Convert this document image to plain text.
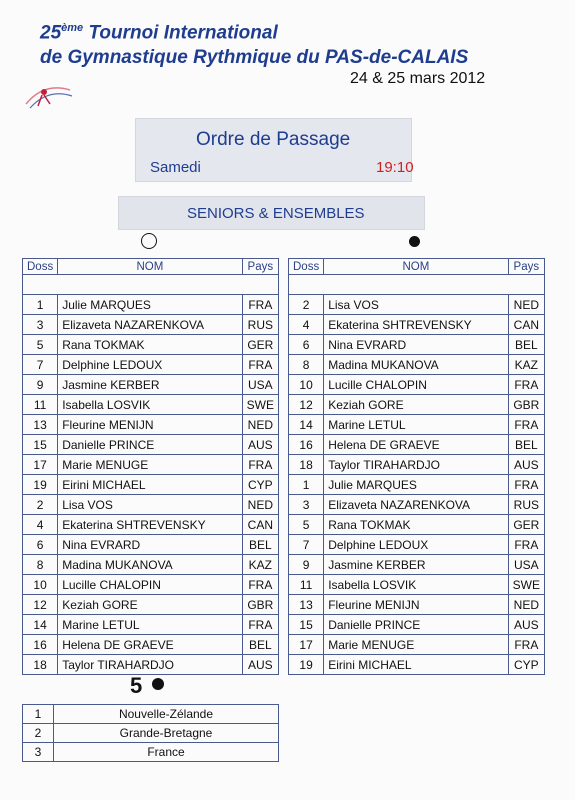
25ème Tournoi International
de Gymnastique Rythmique du PAS-de-CALAIS
24 & 25 mars 2012
Ordre de Passage
Samedi	19:10
SENIORS & ENSEMBLES
Doss	NOM	Pays

1	Julie MARQUES	FRA
3	Elizaveta NAZARENKOVA	RUS
5	Rana TOKMAK	GER
7	Delphine LEDOUX	FRA
9	Jasmine KERBER	USA
11	Isabella LOSVIK	SWE
13	Fleurine MENIJN	NED
15	Danielle PRINCE	AUS
17	Marie MENUGE	FRA
19	Eirini MICHAEL	CYP
2	Lisa VOS	NED
4	Ekaterina SHTREVENSKY	CAN
6	Nina EVRARD	BEL
8	Madina MUKANOVA	KAZ
10	Lucille CHALOPIN	FRA
12	Keziah GORE	GBR
14	Marine LETUL	FRA
16	Helena DE GRAEVE	BEL
18	Taylor TIRAHARDJO	AUS
Doss	NOM	Pays

2	Lisa VOS	NED
4	Ekaterina SHTREVENSKY	CAN
6	Nina EVRARD	BEL
8	Madina MUKANOVA	KAZ
10	Lucille CHALOPIN	FRA
12	Keziah GORE	GBR
14	Marine LETUL	FRA
16	Helena DE GRAEVE	BEL
18	Taylor TIRAHARDJO	AUS
1	Julie MARQUES	FRA
3	Elizaveta NAZARENKOVA	RUS
5	Rana TOKMAK	GER
7	Delphine LEDOUX	FRA
9	Jasmine KERBER	USA
11	Isabella LOSVIK	SWE
13	Fleurine MENIJN	NED
15	Danielle PRINCE	AUS
17	Marie MENUGE	FRA
19	Eirini MICHAEL	CYP
5
1	Nouvelle-Zélande
2	Grande-Bretagne
3	France
